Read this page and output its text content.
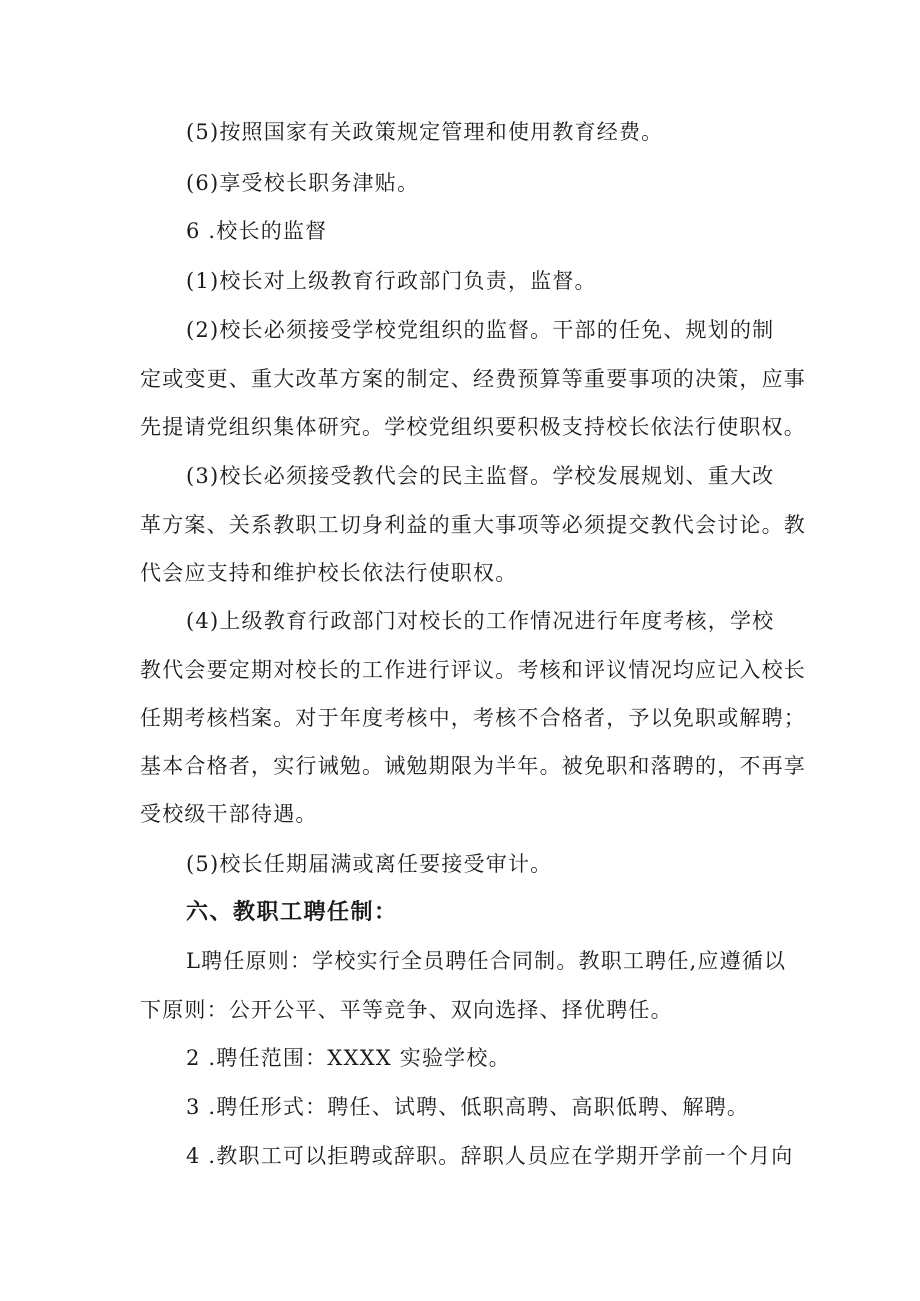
(5)按照国家有关政策规定管理和使用教育经费。
(6)享受校长职务津贴。
6 .校长的监督
(1)校长对上级教育行政部门负责，监督。
(2)校长必须接受学校党组织的监督。干部的任免、规划的制
定或变更、重大改革方案的制定、经费预算等重要事项的决策，应事
先提请党组织集体研究。学校党组织要积极支持校长依法行使职权。
(3)校长必须接受教代会的民主监督。学校发展规划、重大改
革方案、关系教职工切身利益的重大事项等必须提交教代会讨论。教
代会应支持和维护校长依法行使职权。
(4)上级教育行政部门对校长的工作情况进行年度考核，学校
教代会要定期对校长的工作进行评议。考核和评议情况均应记入校长
任期考核档案。对于年度考核中，考核不合格者，予以免职或解聘；
基本合格者，实行诫勉。诫勉期限为半年。被免职和落聘的，不再享
受校级干部待遇。
(5)校长任期届满或离任要接受审计。
六、教职工聘任制：
L聘任原则：学校实行全员聘任合同制。教职工聘任,应遵循以
下原则：公开公平、平等竞争、双向选择、择优聘任。
2 .聘任范围：XXXX 实验学校。
3 .聘任形式：聘任、试聘、低职高聘、高职低聘、解聘。
4 .教职工可以拒聘或辞职。辞职人员应在学期开学前一个月向
